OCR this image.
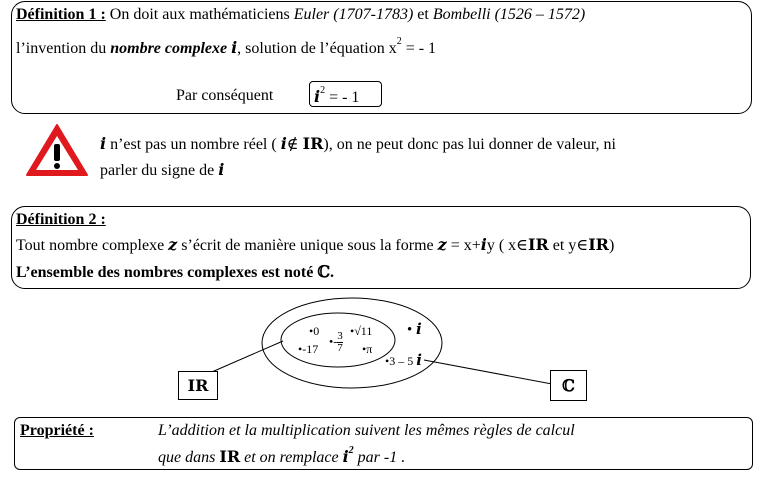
Définition 1 : On doit aux mathématiciens Euler (1707-1783) et Bombelli (1526 – 1572)
l’invention du nombre complexe i, solution de l’équation $x^2$ = - 1
Par conséquent	$i^2$ = - 1
i n’est pas un nombre réel ( i∉ IR), on ne peut donc pas lui donner de valeur, ni
parler du signe de i
Définition 2 :
Tout nombre complexe z s’écrit de manière unique sous la forme z = x+iy ( x∈IR et y∈IR)
L’ensemble des nombres complexes est noté ℂ.
•0
•-17
•- $\frac{3}{7}$ •√11
•π
• i
•3 – 5 i
IR	ℂ
Propriété :	L’addition et la multiplication suivent les mêmes règles de calcul
que dans IR et on remplace $i^2$ par -1 .
